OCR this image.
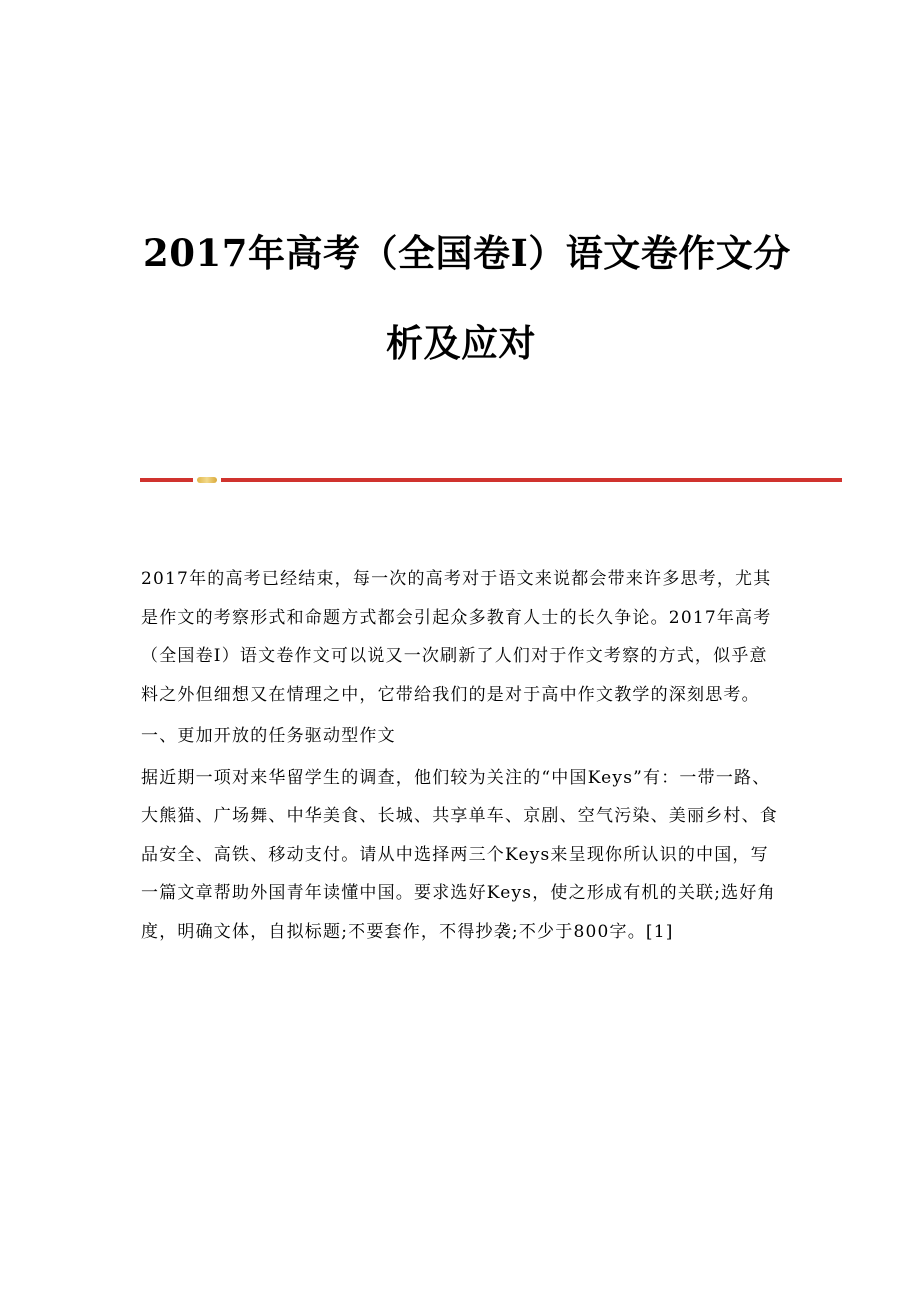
2017年高考（全国卷Ⅰ）语文卷作文分
析及应对

2017年的高考已经结束，每一次的高考对于语文来说都会带来许多思考，尤其是作文的考察形式和命题方式都会引起众多教育人士的长久争论。2017年高考（全国卷Ⅰ）语文卷作文可以说又一次刷新了人们对于作文考察的方式，似乎意料之外但细想又在情理之中，它带给我们的是对于高中作文教学的深刻思考。

一、更加开放的任务驱动型作文

据近期一项对来华留学生的调查，他们较为关注的“中国Keys”有：一带一路、大熊猫、广场舞、中华美食、长城、共享单车、京剧、空气污染、美丽乡村、食品安全、高铁、移动支付。请从中选择两三个Keys来呈现你所认识的中国，写一篇文章帮助外国青年读懂中国。要求选好Keys，使之形成有机的关联;选好角度，明确文体，自拟标题;不要套作，不得抄袭;不少于800字。[1]
